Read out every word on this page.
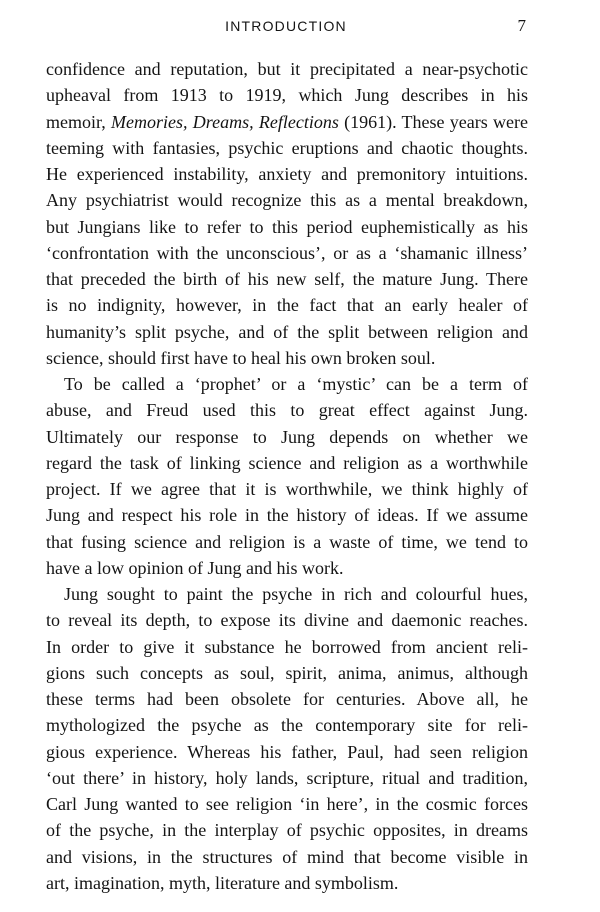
INTRODUCTION	7
confidence and reputation, but it precipitated a near-psychotic
upheaval from 1913 to 1919, which Jung describes in his
memoir, Memories, Dreams, Reflections (1961). These years were
teeming with fantasies, psychic eruptions and chaotic thoughts.
He experienced instability, anxiety and premonitory intuitions.
Any psychiatrist would recognize this as a mental breakdown,
but Jungians like to refer to this period euphemistically as his
‘confrontation with the unconscious’, or as a ‘shamanic illness’
that preceded the birth of his new self, the mature Jung. There
is no indignity, however, in the fact that an early healer of
humanity’s split psyche, and of the split between religion and
science, should first have to heal his own broken soul.
To be called a ‘prophet’ or a ‘mystic’ can be a term of
abuse, and Freud used this to great effect against Jung.
Ultimately our response to Jung depends on whether we
regard the task of linking science and religion as a worthwhile
project. If we agree that it is worthwhile, we think highly of
Jung and respect his role in the history of ideas. If we assume
that fusing science and religion is a waste of time, we tend to
have a low opinion of Jung and his work.
Jung sought to paint the psyche in rich and colourful hues,
to reveal its depth, to expose its divine and daemonic reaches.
In order to give it substance he borrowed from ancient reli-
gions such concepts as soul, spirit, anima, animus, although
these terms had been obsolete for centuries. Above all, he
mythologized the psyche as the contemporary site for reli-
gious experience. Whereas his father, Paul, had seen religion
‘out there’ in history, holy lands, scripture, ritual and tradition,
Carl Jung wanted to see religion ‘in here’, in the cosmic forces
of the psyche, in the interplay of psychic opposites, in dreams
and visions, in the structures of mind that become visible in
art, imagination, myth, literature and symbolism.
